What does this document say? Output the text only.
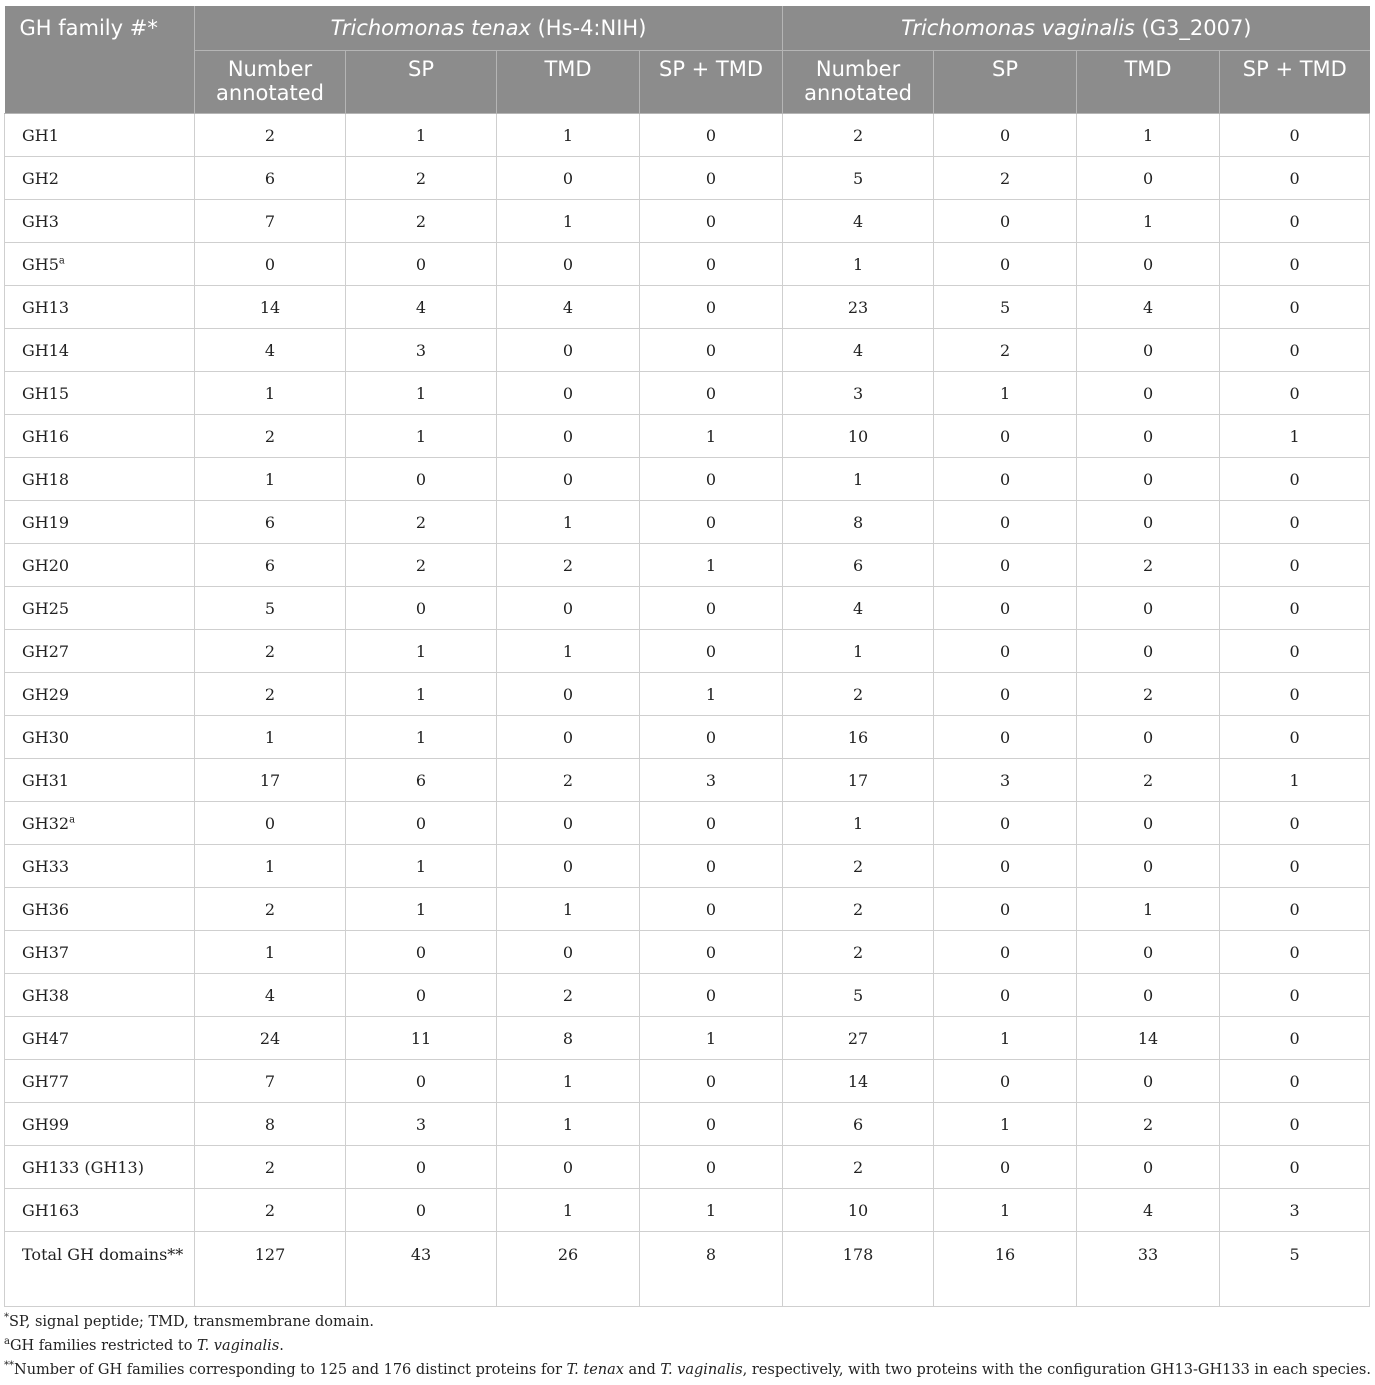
GH family #*	Trichomonas tenax (Hs-4:NIH)				Trichomonas vaginalis (G3_2007)			
	Number annotated	SP	TMD	SP + TMD	Number annotated	SP	TMD	SP + TMD
GH1	2	1	1	0	2	0	1	0
GH2	6	2	0	0	5	2	0	0
GH3	7	2	1	0	4	0	1	0
GH5$^a$	0	0	0	0	1	0	0	0
GH13	14	4	4	0	23	5	4	0
GH14	4	3	0	0	4	2	0	0
GH15	1	1	0	0	3	1	0	0
GH16	2	1	0	1	10	0	0	1
GH18	1	0	0	0	1	0	0	0
GH19	6	2	1	0	8	0	0	0
GH20	6	2	2	1	6	0	2	0
GH25	5	0	0	0	4	0	0	0
GH27	2	1	1	0	1	0	0	0
GH29	2	1	0	1	2	0	2	0
GH30	1	1	0	0	16	0	0	0
GH31	17	6	2	3	17	3	2	1
GH32$^a$	0	0	0	0	1	0	0	0
GH33	1	1	0	0	2	0	0	0
GH36	2	1	1	0	2	0	1	0
GH37	1	0	0	0	2	0	0	0
GH38	4	0	2	0	5	0	0	0
GH47	24	11	8	1	27	1	14	0
GH77	7	0	1	0	14	0	0	0
GH99	8	3	1	0	6	1	2	0
GH133 (GH13)	2	0	0	0	2	0	0	0
GH163	2	0	1	1	10	1	4	3
Total GH domains**	127	43	26	8	178	16	33	5
*SP, signal peptide; TMD, transmembrane domain.
$^a$GH families restricted to T. vaginalis.
**Number of GH families corresponding to 125 and 176 distinct proteins for T. tenax and T. vaginalis, respectively, with two proteins with the configuration GH13-GH133 in each species.
